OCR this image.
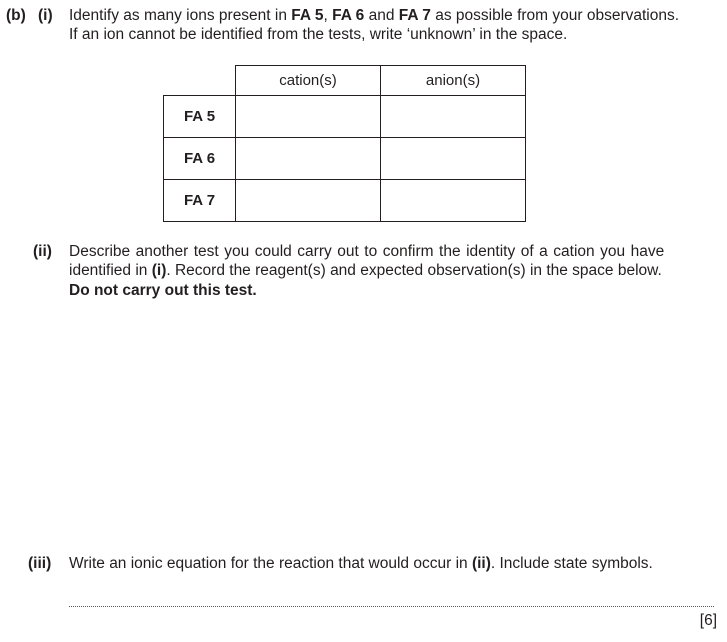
(b) (i) Identify as many ions present in FA 5, FA 6 and FA 7 as possible from your observations.
If an ion cannot be identified from the tests, write ‘unknown’ in the space.
	cation(s)	anion(s)
FA 5		
FA 6		
FA 7		
(ii) Describe another test you could carry out to confirm the identity of a cation you have
identified in (i). Record the reagent(s) and expected observation(s) in the space below.
Do not carry out this test.
(iii) Write an ionic equation for the reaction that would occur in (ii). Include state symbols.
[6]
